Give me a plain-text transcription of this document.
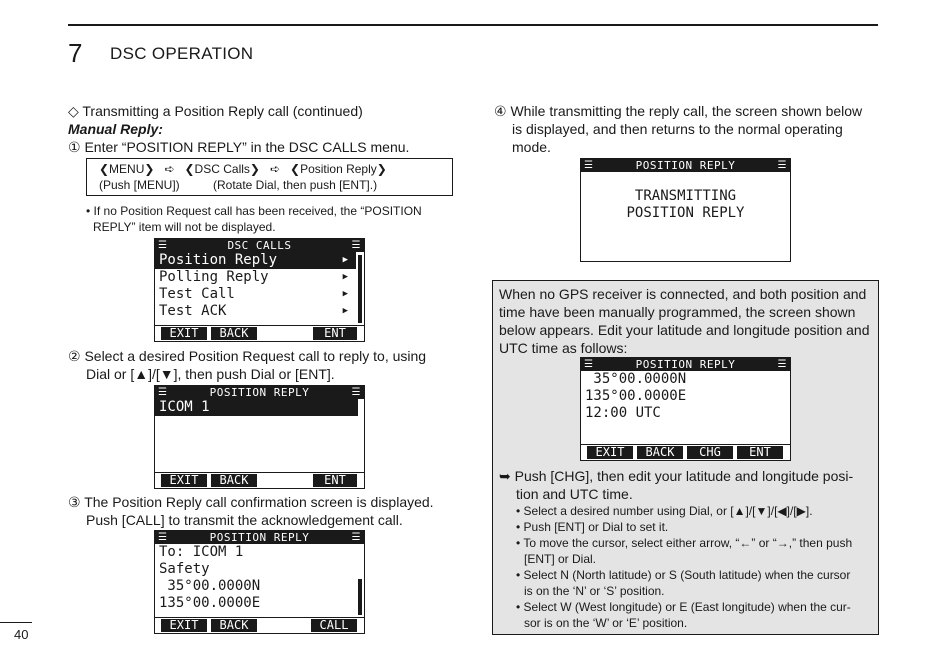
7 DSC OPERATION
◇ Transmitting a Position Reply call (continued)
Manual Reply:
① Enter “POSITION REPLY” in the DSC CALLS menu.
❮MENU❯   ➪   ❮DSC Calls❯   ➪   ❮Position Reply❯
(Push [MENU])	(Rotate Dial, then push [ENT].)
• If no Position Request call has been received, the “POSITION
REPLY” item will not be displayed.
☰	DSC CALLS	☰
Position Reply	▶
Polling Reply	▶
Test Call	▶
Test ACK	▶
EXIT	BACK	ENT
② Select a desired Position Request call to reply to, using
Dial or [▲]/[▼], then push Dial or [ENT].
☰	POSITION REPLY	☰
ICOM 1
EXIT	BACK	ENT
③ The Position Reply call confirmation screen is displayed.
Push [CALL] to transmit the acknowledgement call.
☰	POSITION REPLY	☰
To: ICOM 1
Safety
35°00.0000N
135°00.0000E
EXIT	BACK	CALL
④ While transmitting the reply call, the screen shown below
is displayed, and then returns to the normal operating
mode.
☰	POSITION REPLY	☰
TRANSMITTING
POSITION REPLY
When no GPS receiver is connected, and both position and
time have been manually programmed, the screen shown
below appears. Edit your latitude and longitude position and
UTC time as follows:
☰	POSITION REPLY	☰
35°00.0000N
135°00.0000E
12:00 UTC
EXIT	BACK	CHG	ENT
➥ Push [CHG], then edit your latitude and longitude posi-
tion and UTC time.
• Select a desired number using Dial, or [▲]/[▼]/[◀]/[▶].
• Push [ENT] or Dial to set it.
• To move the cursor, select either arrow, “←” or “→,” then push
[ENT] or Dial.
• Select N (North latitude) or S (South latitude) when the cursor
is on the ‘N’ or ‘S’ position.
• Select W (West longitude) or E (East longitude) when the cur-
sor is on the ‘W’ or ‘E’ position.
40
